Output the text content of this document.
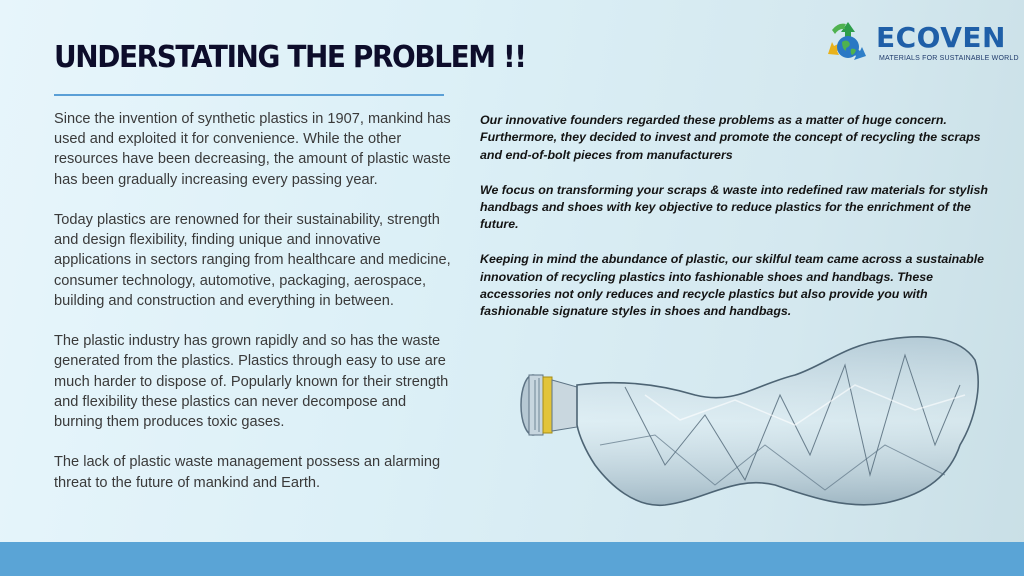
UNDERSTATING THE PROBLEM !!
ECOVEN
MATERIALS FOR SUSTAINABLE WORLD

Since the invention of synthetic plastics in 1907, mankind has used and exploited it for convenience. While the other resources have been decreasing, the amount of plastic waste has been gradually increasing every passing year.

Today plastics are renowned for their sustainability, strength and design flexibility, finding unique and innovative applications in sectors ranging from healthcare and medicine, consumer technology, automotive, packaging, aerospace, building and construction and everything in between.

The plastic industry has grown rapidly and so has the waste generated from the plastics. Plastics through easy to use are much harder to dispose of. Popularly known for their strength and flexibility these plastics can never decompose and burning them produces toxic gases.

The lack of plastic waste management possess an alarming threat to the future of mankind and Earth.

Our innovative founders regarded these problems as a matter of huge concern. Furthermore, they decided to invest and promote the concept of recycling the scraps and end-of-bolt pieces from manufacturers

We focus on transforming your scraps & waste into redefined raw materials for stylish handbags and shoes with key objective to reduce plastics for the enrichment of the future.

Keeping in mind the abundance of plastic, our skilful team came across a sustainable innovation of recycling plastics into fashionable shoes and handbags. These accessories not only reduces and recycle plastics but also provide you with fashionable signature styles in shoes and handbags.
